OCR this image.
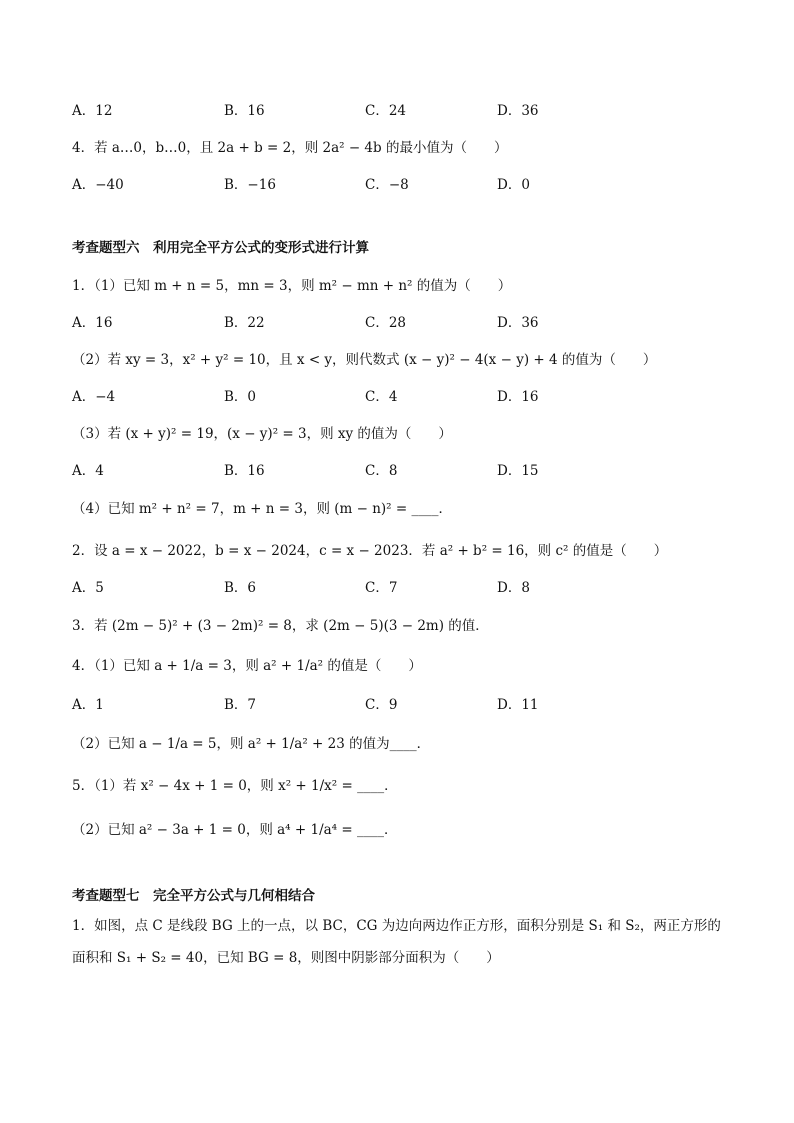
A．12	B．16	C．24	D．36
4．若 a…0，b…0，且 2a + b = 2，则 2a² − 4b 的最小值为（　　）
A．−40	B．−16	C．−8	D．0
考查题型六　利用完全平方公式的变形式进行计算
1．（1）已知 m + n = 5，mn = 3，则 m² − mn + n² 的值为（　　）
A．16	B．22	C．28	D．36
（2）若 xy = 3，x² + y² = 10，且 x < y，则代数式 (x − y)² − 4(x − y) + 4 的值为（　　）
A．−4	B．0	C．4	D．16
（3）若 (x + y)² = 19，(x − y)² = 3，则 xy 的值为（　　）
A．4	B．16	C．8	D．15
（4）已知 m² + n² = 7，m + n = 3，则 (m − n)² = ____．
2．设 a = x − 2022，b = x − 2024，c = x − 2023．若 a² + b² = 16，则 c² 的值是（　　）
A．5	B．6	C．7	D．8
3．若 (2m − 5)² + (3 − 2m)² = 8，求 (2m − 5)(3 − 2m) 的值．
4．（1）已知 a + 1/a = 3，则 a² + 1/a² 的值是（　　）
A．1	B．7	C．9	D．11
（2）已知 a − 1/a = 5，则 a² + 1/a² + 23 的值为____．
5．（1）若 x² − 4x + 1 = 0，则 x² + 1/x² = ____．
（2）已知 a² − 3a + 1 = 0，则 a⁴ + 1/a⁴ = ____．
考查题型七　完全平方公式与几何相结合
1．如图，点 C 是线段 BG 上的一点，以 BC，CG 为边向两边作正方形，面积分别是 S₁ 和 S₂，两正方形的面积和 S₁ + S₂ = 40，已知 BG = 8，则图中阴影部分面积为（　　）
